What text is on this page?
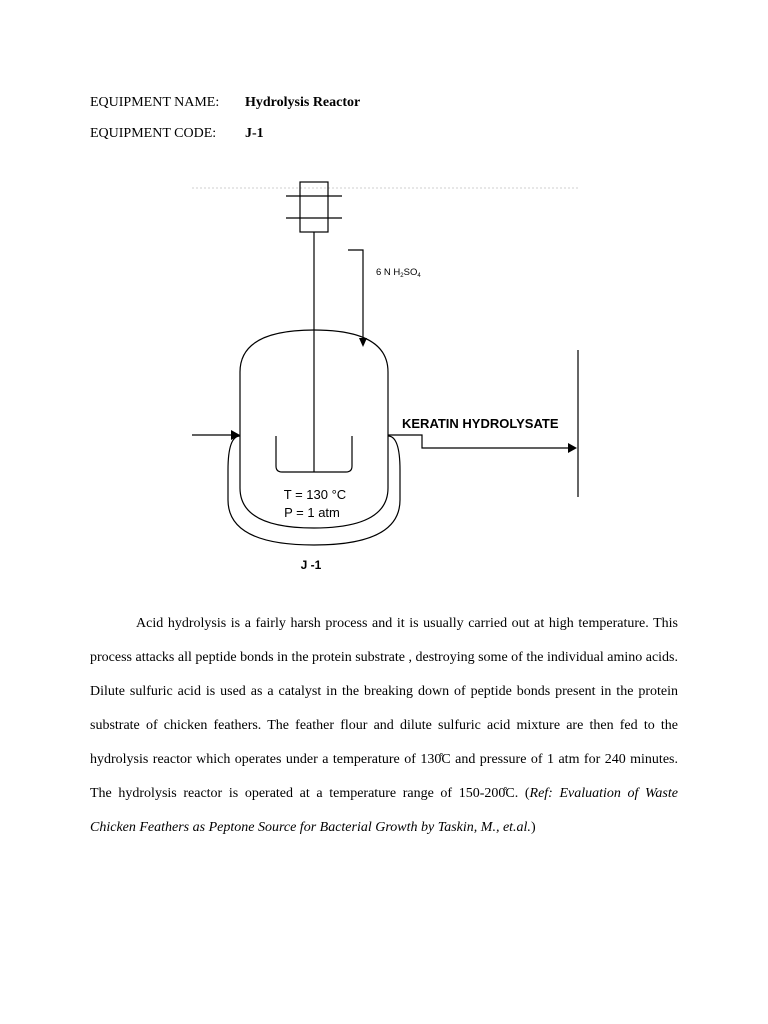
EQUIPMENT NAME: Hydrolysis Reactor
EQUIPMENT CODE: J-1
6 N $H_2SO_4$
KERATIN HYDROLYSATE
T = 130 °C
P = 1 atm
J -1

Acid hydrolysis is a fairly harsh process and it is usually carried out at high temperature. This process attacks all peptide bonds in the protein substrate , destroying some of the individual amino acids. Dilute sulfuric acid is used as a catalyst in the breaking down of peptide bonds present in the protein substrate of chicken feathers. The feather flour and dilute sulfuric acid mixture are then fed to the hydrolysis reactor which operates under a temperature of 130̊C and pressure of 1 atm for 240 minutes. The hydrolysis reactor is operated at a temperature range of 150-200̊C. (Ref: Evaluation of Waste Chicken Feathers as Peptone Source for Bacterial Growth by Taskin, M., et.al.)
